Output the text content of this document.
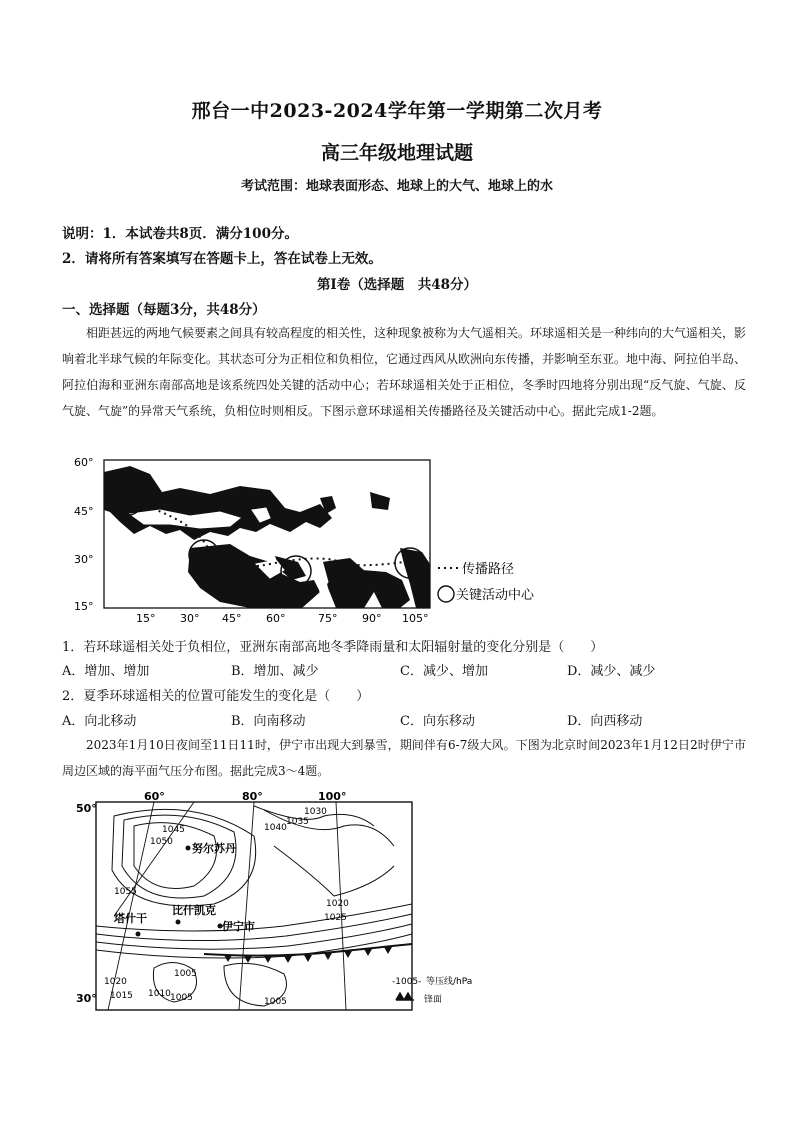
邢台一中2023-2024学年第一学期第二次月考
高三年级地理试题
考试范围：地球表面形态、地球上的大气、地球上的水
说明：1．本试卷共8页．满分100分。
2．请将所有答案填写在答题卡上，答在试卷上无效。
第Ⅰ卷（选择题　共48分）
一、选择题（每题3分，共48分）
相距甚远的两地气候要素之间具有较高程度的相关性，这种现象被称为大气遥相关。环球遥相关是一种纬向的大气遥相关，影响着北半球气候的年际变化。其状态可分为正相位和负相位，它通过西风从欧洲向东传播，并影响至东亚。地中海、阿拉伯半岛、阿拉伯海和亚洲东南部高地是该系统四处关键的活动中心；若环球遥相关处于正相位，冬季时四地将分别出现“反气旋、气旋、反气旋、气旋”的异常天气系统，负相位时则相反。下图示意环球遥相关传播路径及关键活动中心。据此完成1-2题。
60°
45°
30°
15°
15° 30° 45° 60°	75° 90° 105°
传播路径
关键活动中心
1．若环球遥相关处于负相位，亚洲东南部高地冬季降雨量和太阳辐射量的变化分别是（　　）
A．增加、增加	B．增加、减少	C．减少、增加	D．减少、减少
2．夏季环球遥相关的位置可能发生的变化是（　　）
A．向北移动	B．向南移动	C．向东移动	D．向西移动
2023年1月10日夜间至11日11时，伊宁市出现大到暴雪，期间伴有6-7级大风。下图为北京时间2023年1月12日2时伊宁市周边区域的海平面气压分布图。据此完成3～4题。
50°
30°
60°	80°	100°
努尔苏丹
比什凯克
伊宁市
塔什干
1045
1050
1055
1040
1035
1030
1025
1020
1020
1015 1010 1005	1005
1005
-1005- 等压线/hPa
锋面
